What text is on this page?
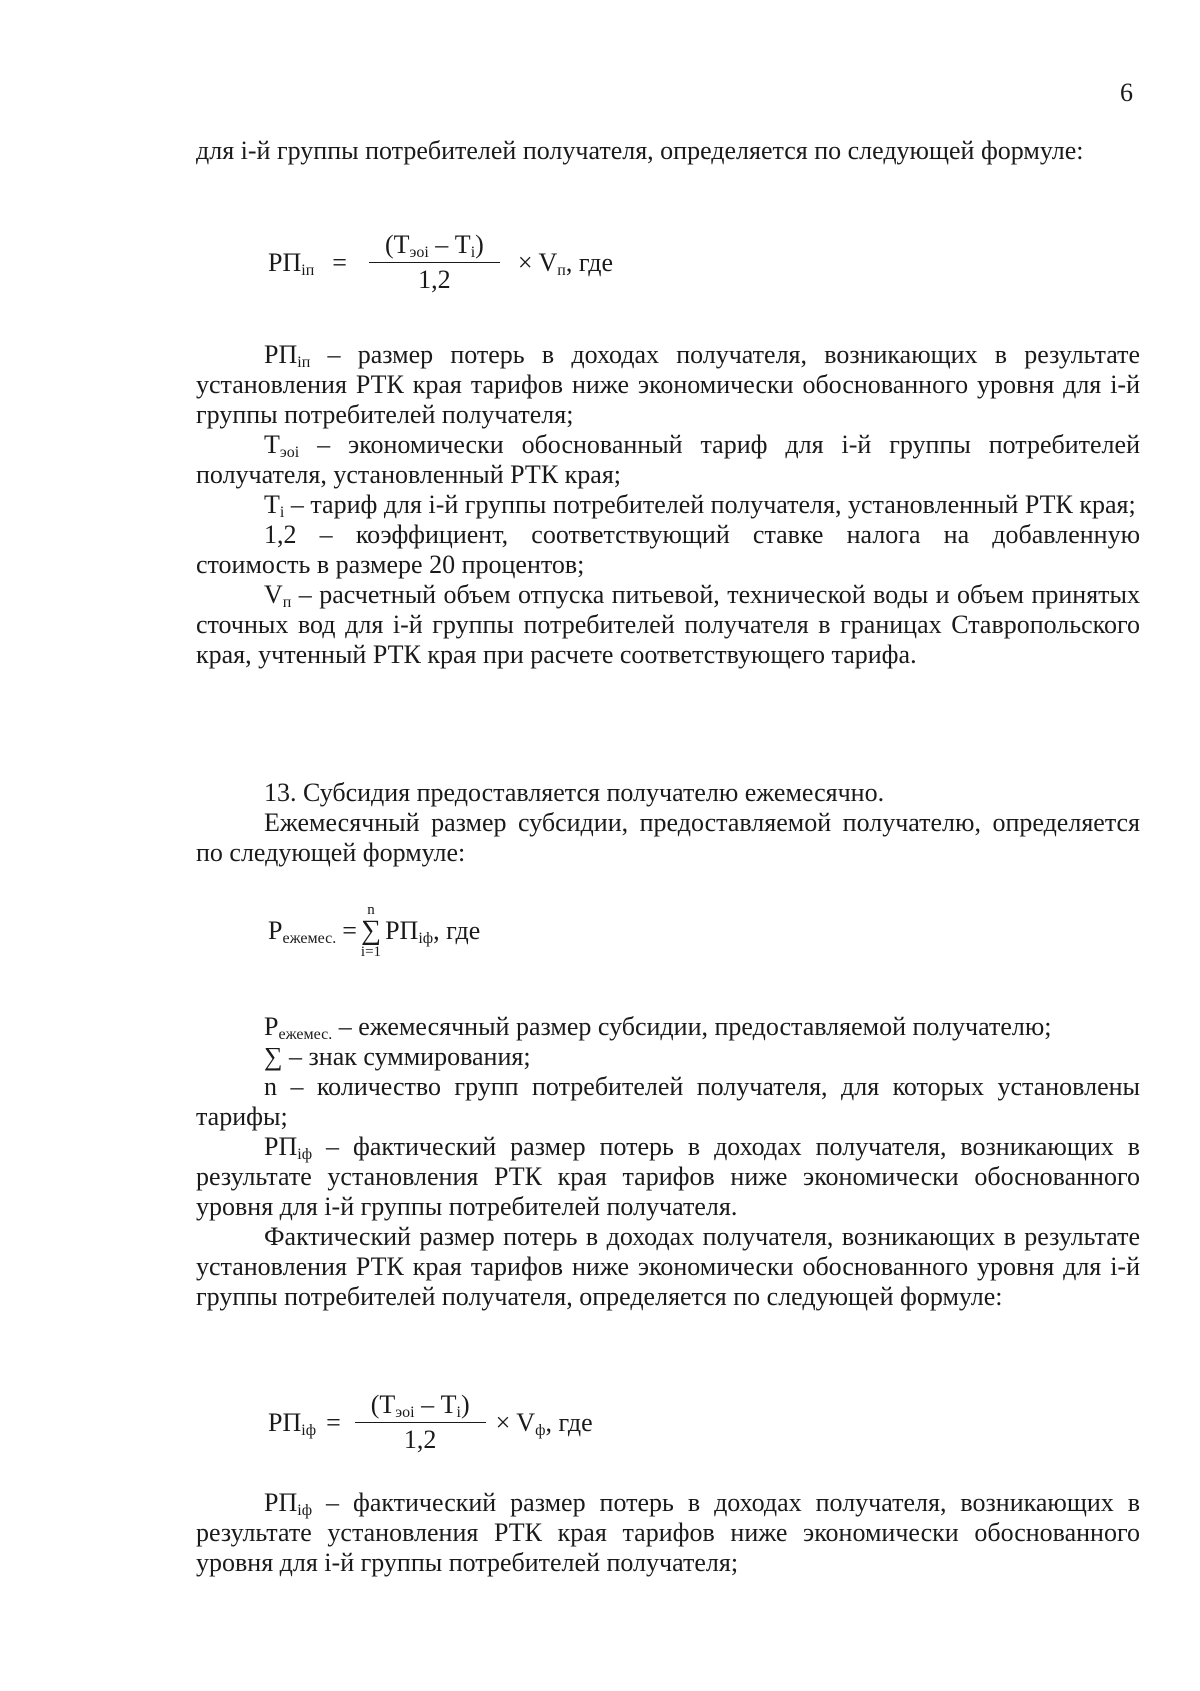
6

для i-й группы потребителей получателя, определяется по следующей формуле:

$РП_{iп} = \frac{(Т_{эоi} - Т_i)}{1,2} \times V_п$, где

$РП_{iп}$ – размер потерь в доходах получателя, возникающих в результате установления РТК края тарифов ниже экономически обоснованного уровня для i-й группы потребителей получателя;

$Т_{эоi}$ – экономически обоснованный тариф для i-й группы потребителей получателя, установленный РТК края;

$Т_i$ – тариф для i-й группы потребителей получателя, установленный РТК края;

1,2 – коэффициент, соответствующий ставке налога на добавленную стоимость в размере 20 процентов;

$V_п$ – расчетный объем отпуска питьевой, технической воды и объем принятых сточных вод для i-й группы потребителей получателя в границах Ставропольского края, учтенный РТК края при расчете соответствующего тарифа.

13. Субсидия предоставляется получателю ежемесячно.

Ежемесячный размер субсидии, предоставляемой получателю, определяется по следующей формуле:

$Р_{ежемес.}$ =
n
∑
i=1
$РП_{iф}$, где

$Р_{ежемес.}$ – ежемесячный размер субсидии, предоставляемой получателю;

∑ – знак суммирования;

n – количество групп потребителей получателя, для которых установлены тарифы;

$РП_{iф}$ – фактический размер потерь в доходах получателя, возникающих в результате установления РТК края тарифов ниже экономически обоснованного уровня для i-й группы потребителей получателя.

Фактический размер потерь в доходах получателя, возникающих в результате установления РТК края тарифов ниже экономически обоснованного уровня для i-й группы потребителей получателя, определяется по следующей формуле:

$РП_{iф} = \frac{(Т_{эоi} - Т_i)}{1,2} \times V_ф$, где

$РП_{iф}$ – фактический размер потерь в доходах получателя, возникающих в результате установления РТК края тарифов ниже экономически обоснованного уровня для i-й группы потребителей получателя;
